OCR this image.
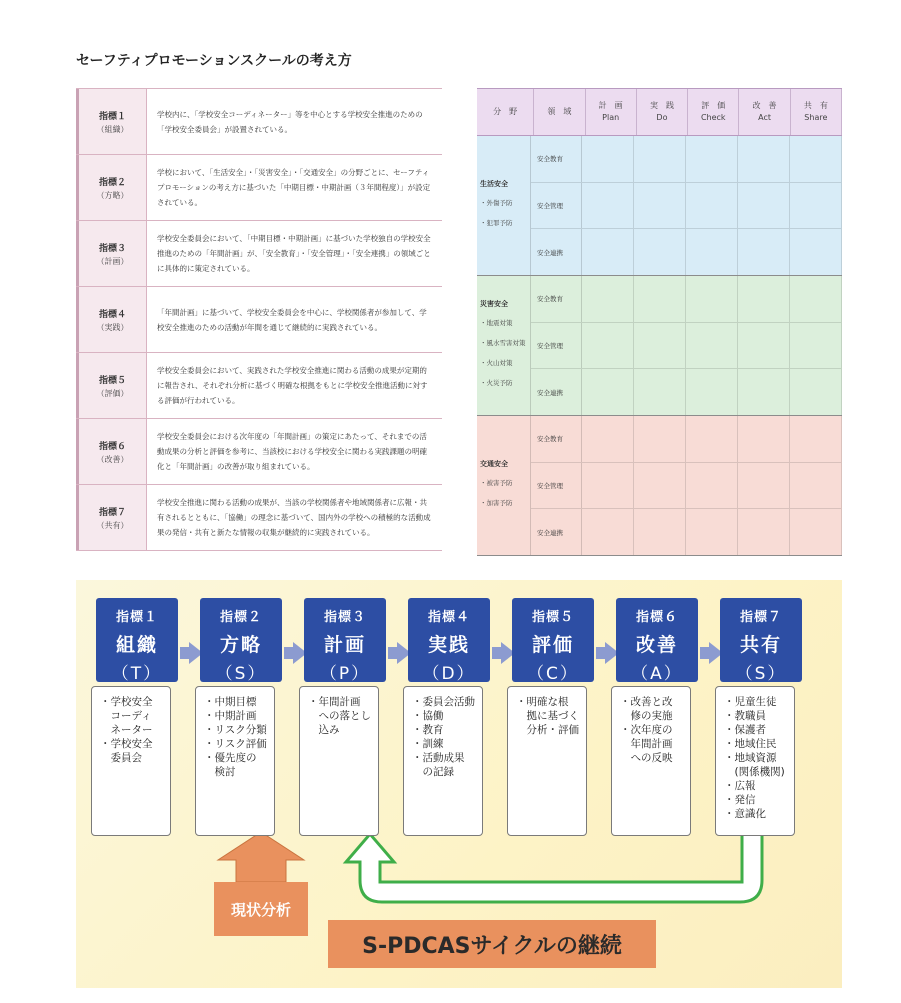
セーフティプロモーションスクールの考え方
指標１
（組織）
学校内に、「学校安全コーディネーター」等を中心とする学校安全推進のための「学校安全委員会」が設置されている。
指標２
（方略）
学校において、「生活安全」・「災害安全」・「交通安全」の分野ごとに、セーフティプロモーションの考え方に基づいた「中期目標・中期計画（３年間程度）」が設定されている。
指標３
（計画）
学校安全委員会において、「中期目標・中期計画」に基づいた学校独自の学校安全推進のための「年間計画」が、「安全教育」・「安全管理」・「安全連携」の領域ごとに具体的に策定されている。
指標４
（実践）
「年間計画」に基づいて、学校安全委員会を中心に、学校関係者が参加して、学校安全推進のための活動が年間を通じて継続的に実践されている。
指標５
（評価）
学校安全委員会において、実践された学校安全推進に関わる活動の成果が定期的に報告され、それぞれ分析に基づく明確な根拠をもとに学校安全推進活動に対する評価が行われている。
指標６
（改善）
学校安全委員会における次年度の「年間計画」の策定にあたって、それまでの活動成果の分析と評価を参考に、当該校における学校安全に関わる実践課題の明確化と「年間計画」の改善が取り組まれている。
指標７
（共有）
学校安全推進に関わる活動の成果が、当該の学校関係者や地域関係者に広報・共有されるとともに、「協働」の理念に基づいて、国内外の学校への積極的な活動成果の発信・共有と新たな情報の収集が継続的に実践されている。
分　野	領　域
計　画
Plan
実　践
Do
評　価
Check
改　善
Act
共　有
Share
生活安全
・外傷予防
・犯罪予防
安全教育
安全管理
安全連携
災害安全
・地震対策
・風水雪害対策
・火山対策
・火災予防
安全教育
安全管理
安全連携
交通安全
・被害予防
・加害予防
安全教育
安全管理
安全連携
現状分析
S-PDCASサイクルの継続
指標１
組織
（T）
・学校安全
　コーディ
　ネーター
・学校安全
　委員会
指標２
方略
（S）
・中期目標
・中期計画
・リスク分類
・リスク評価
・優先度の
　検討
指標３
計画
（P）
・年間計画
　への落とし
　込み
指標４
実践
（D）
・委員会活動
・協働
・教育
・訓練
・活動成果
　の記録
指標５
評価
（C）
・明確な根
　拠に基づく
　分析・評価
指標６
改善
（A）
・改善と改
　修の実施
・次年度の
　年間計画
　への反映
指標７
共有
（S）
・児童生徒
・教職員
・保護者
・地域住民
・地域資源
　(関係機関)
・広報
・発信
・意識化
